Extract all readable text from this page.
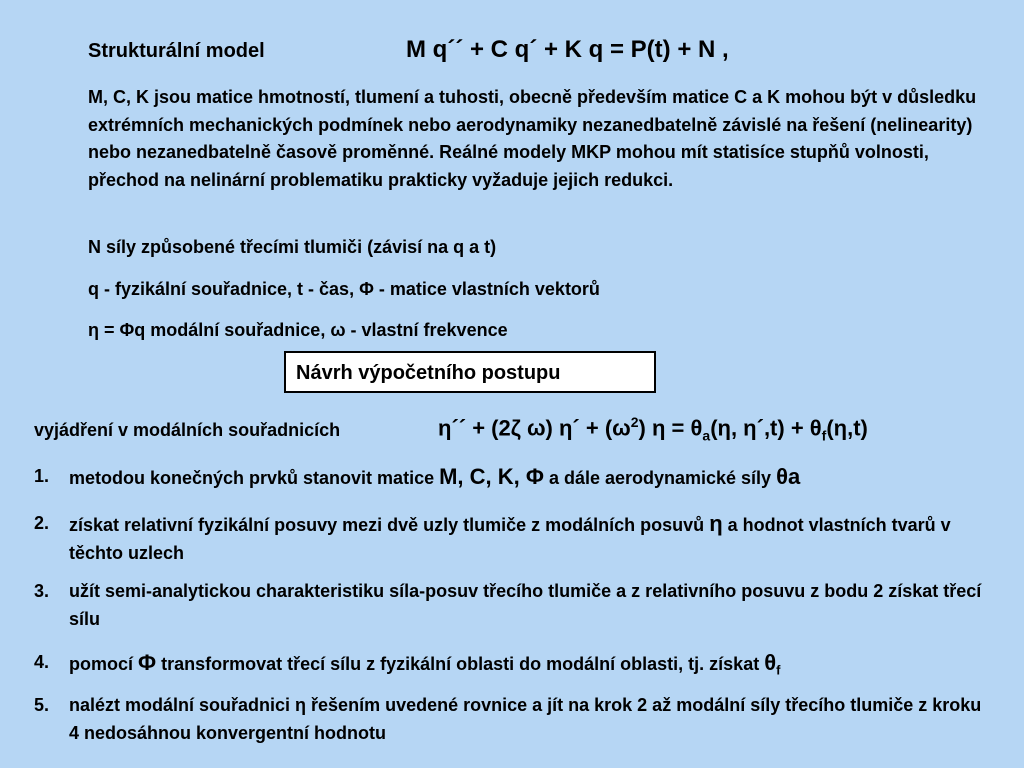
Strukturální model	M q´´ + C q´ + K q = P(t) + N ,
M, C, K jsou matice hmotností, tlumení a tuhosti, obecně především matice C a K mohou být v důsledku extrémních mechanických podmínek nebo aerodynamiky nezanedbatelně závislé na řešení (nelinearity) nebo nezanedbatelně časově proměnné. Reálné modely MKP mohou mít statisíce stupňů volnosti, přechod na nelinární problematiku prakticky vyžaduje jejich redukci.
N síly způsobené třecími tlumiči (závisí na q a t)
q - fyzikální souřadnice, t - čas, Φ - matice vlastních vektorů
η = Φq modální souřadnice, ω - vlastní frekvence
Návrh výpočetního postupu
vyjádření v modálních souřadnicích	η´´ + (2ζ ω) η´ + $(\omega^2) \eta = \theta_a(\eta$, η´,t) + $\theta_f(\eta,t)$
1. metodou konečných prvků stanovit matice M, C, K, Φ a dále aerodynamické síly θa
2. získat relativní fyzikální posuvy mezi dvě uzly tlumiče z modálních posuvů η a hodnot vlastních tvarů v těchto uzlech
3. užít semi-analytickou charakteristiku síla-posuv třecího tlumiče a z relativního posuvu z bodu 2 získat třecí sílu
4. pomocí Φ transformovat třecí sílu z fyzikální oblasti do modální oblasti, tj. získat $\theta_f$
5. nalézt modální souřadnici η řešením uvedené rovnice a jít na krok 2 až modální síly třecího tlumiče z kroku 4 nedosáhnou konvergentní hodnotu
